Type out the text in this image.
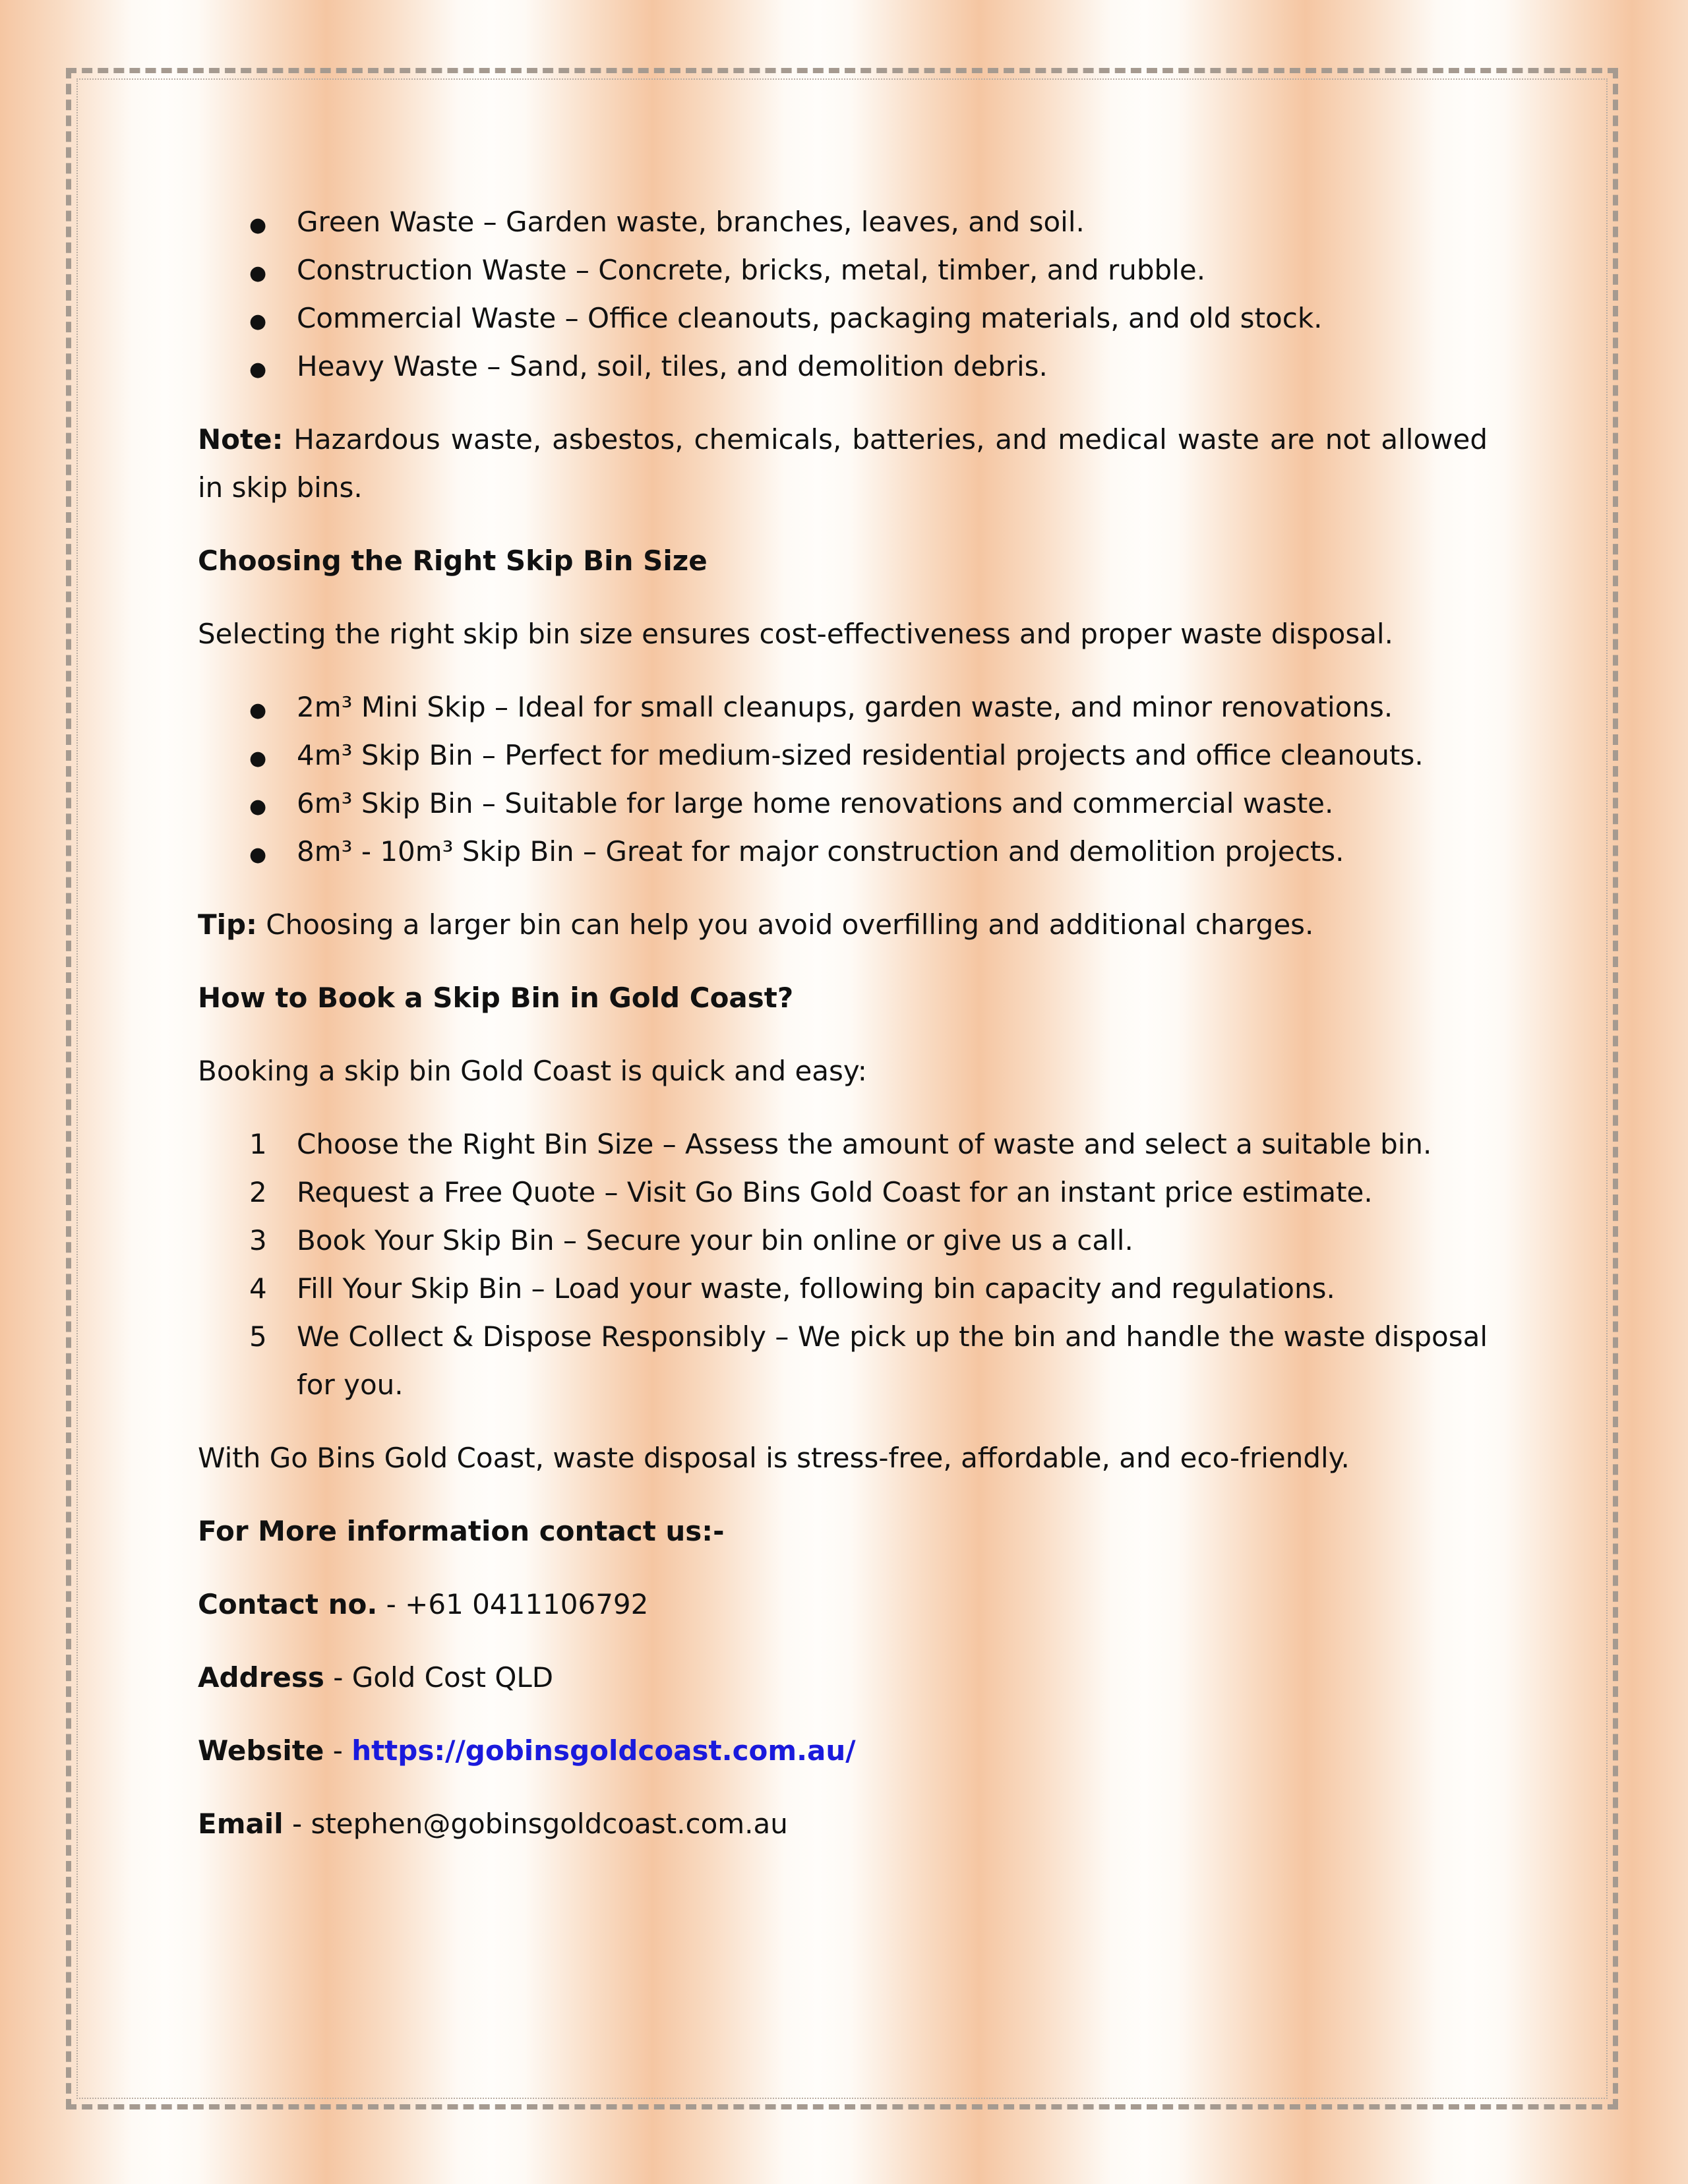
●
Green Waste – Garden waste, branches, leaves, and soil.
●
Construction Waste – Concrete, bricks, metal, timber, and rubble.
●
Commercial Waste – Office cleanouts, packaging materials, and old stock.
●
Heavy Waste – Sand, soil, tiles, and demolition debris.

Note: Hazardous waste, asbestos, chemicals, batteries, and medical waste are not allowed in skip bins.

Choosing the Right Skip Bin Size

Selecting the right skip bin size ensures cost-effectiveness and proper waste disposal.

●
2m³ Mini Skip – Ideal for small cleanups, garden waste, and minor renovations.
●
4m³ Skip Bin – Perfect for medium-sized residential projects and office cleanouts.
●
6m³ Skip Bin – Suitable for large home renovations and commercial waste.
●
8m³ - 10m³ Skip Bin – Great for major construction and demolition projects.

Tip: Choosing a larger bin can help you avoid overfilling and additional charges.

How to Book a Skip Bin in Gold Coast?

Booking a skip bin Gold Coast is quick and easy:

1 Choose the Right Bin Size – Assess the amount of waste and select a suitable bin.
2 Request a Free Quote – Visit Go Bins Gold Coast for an instant price estimate.
3 Book Your Skip Bin – Secure your bin online or give us a call.
4 Fill Your Skip Bin – Load your waste, following bin capacity and regulations.
5 We Collect & Dispose Responsibly – We pick up the bin and handle the waste disposal for you.

With Go Bins Gold Coast, waste disposal is stress-free, affordable, and eco-friendly.

For More information contact us:-

Contact no. - +61 0411106792

Address - Gold Cost QLD

Website - https://gobinsgoldcoast.com.au/

Email - stephen@gobinsgoldcoast.com.au
